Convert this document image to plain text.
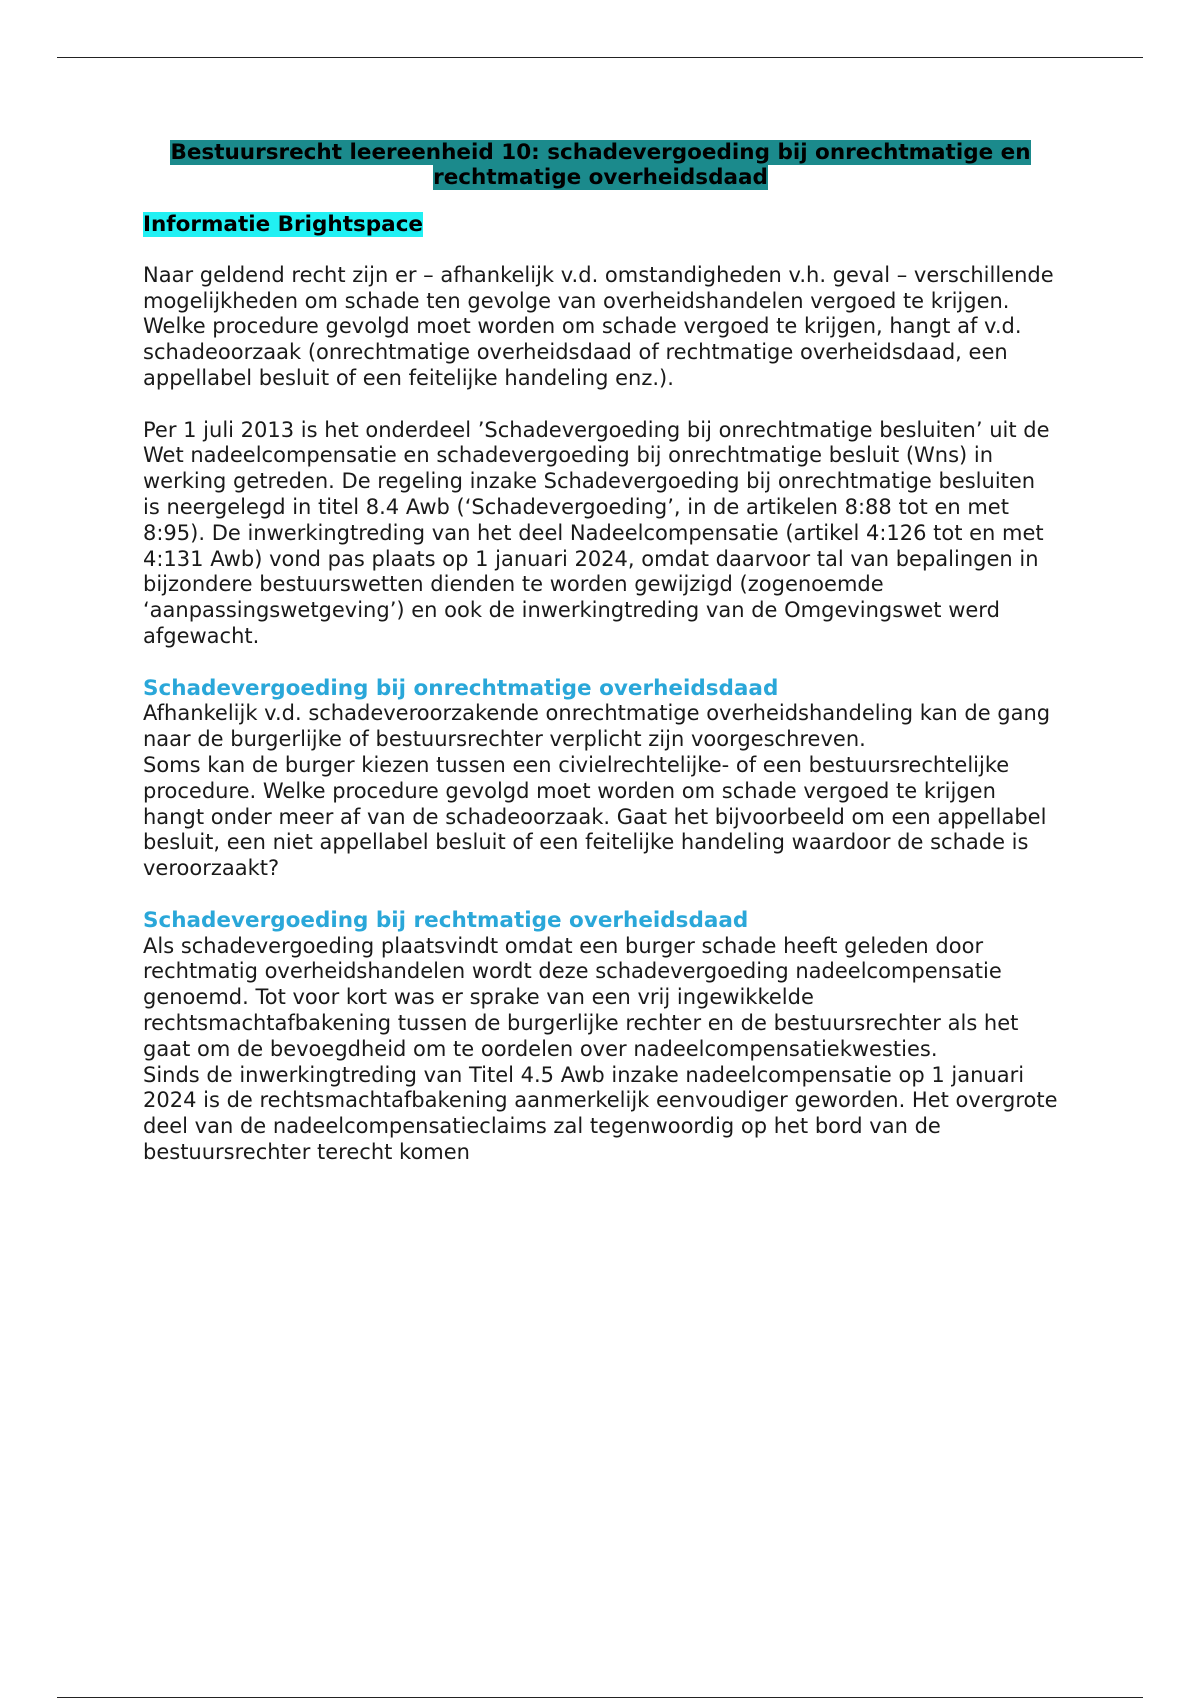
Bestuursrecht leereenheid 10: schadevergoeding bij onrechtmatige en rechtmatige overheidsdaad

Informatie Brightspace

Naar geldend recht zijn er – afhankelijk v.d. omstandigheden v.h. geval – verschillende mogelijkheden om schade ten gevolge van overheidshandelen vergoed te krijgen.

Welke procedure gevolgd moet worden om schade vergoed te krijgen, hangt af v.d. schadeoorzaak (onrechtmatige overheidsdaad of rechtmatige overheidsdaad, een appellabel besluit of een feitelijke handeling enz.).

Per 1 juli 2013 is het onderdeel ’Schadevergoeding bij onrechtmatige besluiten’ uit de Wet nadeelcompensatie en schadevergoeding bij onrechtmatige besluit (Wns) in werking getreden. De regeling inzake Schadevergoeding bij onrechtmatige besluiten is neergelegd in titel 8.4 Awb (‘Schadevergoeding’, in de artikelen 8:88 tot en met 8:95). De inwerkingtreding van het deel Nadeelcompensatie (artikel 4:126 tot en met 4:131 Awb) vond pas plaats op 1 januari 2024, omdat daarvoor tal van bepalingen in bijzondere bestuurswetten dienden te worden gewijzigd (zogenoemde ‘aanpassingswetgeving’) en ook de inwerkingtreding van de Omgevingswet werd afgewacht.

Schadevergoeding bij onrechtmatige overheidsdaad

Afhankelijk v.d. schadeveroorzakende onrechtmatige overheidshandeling kan de gang naar de burgerlijke of bestuursrechter verplicht zijn voorgeschreven.

Soms kan de burger kiezen tussen een civielrechtelijke- of een bestuursrechtelijke procedure. Welke procedure gevolgd moet worden om schade vergoed te krijgen hangt onder meer af van de schadeoorzaak. Gaat het bijvoorbeeld om een appellabel besluit, een niet appellabel besluit of een feitelijke handeling waardoor de schade is veroorzaakt?

Schadevergoeding bij rechtmatige overheidsdaad

Als schadevergoeding plaatsvindt omdat een burger schade heeft geleden door rechtmatig overheidshandelen wordt deze schadevergoeding nadeelcompensatie genoemd. Tot voor kort was er sprake van een vrij ingewikkelde rechtsmachtafbakening tussen de burgerlijke rechter en de bestuursrechter als het gaat om de bevoegdheid om te oordelen over nadeelcompensatiekwesties.

Sinds de inwerkingtreding van Titel 4.5 Awb inzake nadeelcompensatie op 1 januari 2024 is de rechtsmachtafbakening aanmerkelijk eenvoudiger geworden. Het overgrote deel van de nadeelcompensatieclaims zal tegenwoordig op het bord van de bestuursrechter terecht komen
